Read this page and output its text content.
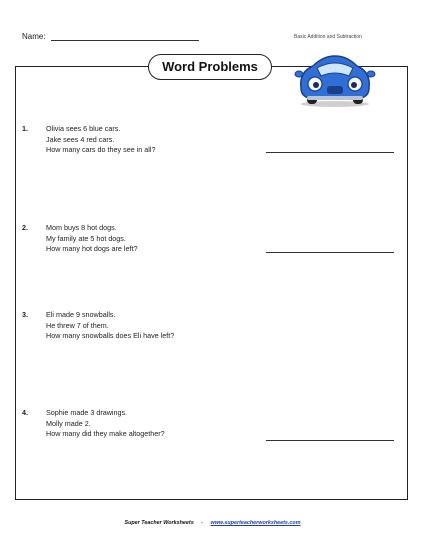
Name:	Basic Addition and Subtraction
Word Problems
1.	Olivia sees 6 blue cars.
Jake sees 4 red cars.
How many cars do they see in all?
2.	Mom buys 8 hot dogs.
My family ate 5 hot dogs.
How many hot dogs are left?
3.	Eli made 9 snowballs.
He threw 7 of them.
How many snowballs does Eli have left?
4.	Sophie made 3 drawings.
Molly made 2.
How many did they make altogether?
Super Teacher Worksheets - www.superteacherworksheets.com
